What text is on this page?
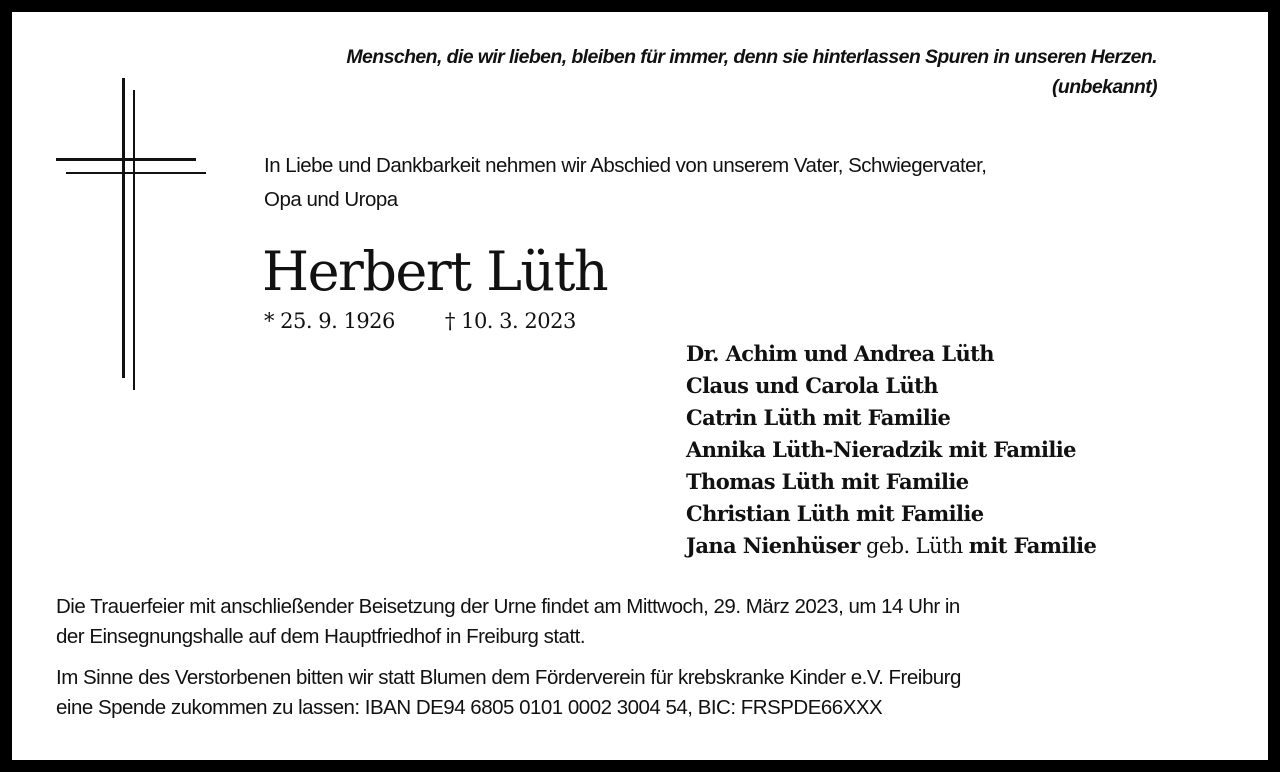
Menschen, die wir lieben, bleiben für immer, denn sie hinterlassen Spuren in unseren Herzen.
(unbekannt)
In Liebe und Dankbarkeit nehmen wir Abschied von unserem Vater, Schwiegervater,
Opa und Uropa
Herbert Lüth
* 25. 9. 1926 † 10. 3. 2023
Dr. Achim und Andrea Lüth
Claus und Carola Lüth
Catrin Lüth mit Familie
Annika Lüth-Nieradzik mit Familie
Thomas Lüth mit Familie
Christian Lüth mit Familie
Jana Nienhüser geb. Lüth mit Familie
Die Trauerfeier mit anschließender Beisetzung der Urne findet am Mittwoch, 29. März 2023, um 14 Uhr in
der Einsegnungshalle auf dem Hauptfriedhof in Freiburg statt.
Im Sinne des Verstorbenen bitten wir statt Blumen dem Förderverein für krebskranke Kinder e.V. Freiburg
eine Spende zukommen zu lassen: IBAN DE94 6805 0101 0002 3004 54, BIC: FRSPDE66XXX
